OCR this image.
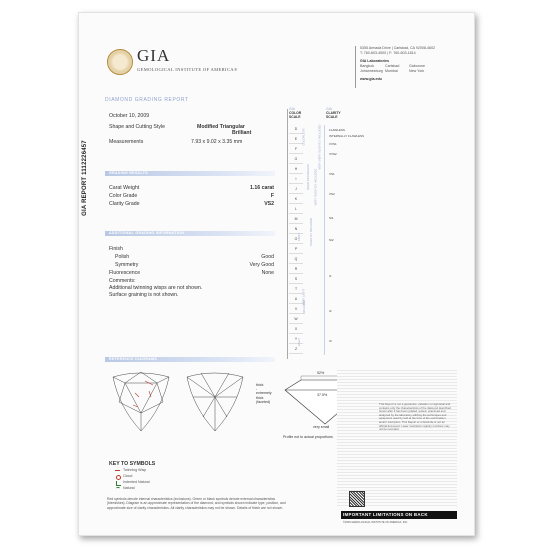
GIA
GEMOLOGICAL INSTITUTE OF AMERICA®
5355 Armada Drive | Carlsbad, CA 92008-4602
T: 760-603-4500 | F: 760-603-1814
GIA Laboratories
Bangkok	Carlsbad	Gaborone
Johannesburg Mumbai	New York
www.gia.edu
DIAMOND GRADING REPORT
GIA REPORT 1112226457
October 10, 2009
Shape and Cutting Style	Modified Triangular
Brilliant
Measurements	7.93 x 9.02 x 3.35 mm
GRADING RESULTS
Carat Weight	1.16 carat
Color Grade	F
Clarity Grade	VS2
ADDITIONAL GRADING INFORMATION
Finish
Polish	Good
Symmetry	Very Good
Fluorescence	None
Comments:
Additional twinning wisps are not shown.
Surface graining is not shown.
REFERENCE DIAGRAMS
KEY TO SYMBOLS
Twinning Wisp
Cloud
Indented Natural
Natural
Red symbols denote internal characteristics (inclusions). Green or black symbols denote external characteristics (blemishes). Diagram is an approximate representation of the diamond, and symbols shown indicate type, position, and approximate size of clarity characteristics. All clarity characteristics may not be shown. Details of finish are not shown.
GIA
COLOR
SCALE
GIA
CLARITY
SCALE
D
E
F
G
H
I
J
K
L
M
N
O
P
Q
R
S
T
U
V
W
X
Y
Z
COLORLESS
NEAR COLORLESS
FAINT
VERY LIGHT
LIGHT
FLAWLESS
INTERNALLY FLAWLESS
VVS1
VVS2
VS1
VS2
SI1
SI2
I1
I2
I3
VERY VERY SLIGHTLY INCLUDED
VERY SLIGHTLY INCLUDED
SLIGHTLY INCLUDED
INCLUDED
52%
37.5%
thick
-
extremely
thick
(faceted)
very small
Profile not to actual proportions
This Report is not a guarantee, valuation or appraisal and contains only the characteristics of the diamond described herein after it has been graded, tested, examined and analyzed by the laboratory utilizing the techniques and equipment used by GIA at the time of the examination and/or inscription. This Report or a facsimile is not an official document. Laser inscription registry numbers may not be recorded.
IMPORTANT LIMITATIONS ON BACK
©2009 GEMOLOGICAL INSTITUTE OF AMERICA, INC.
